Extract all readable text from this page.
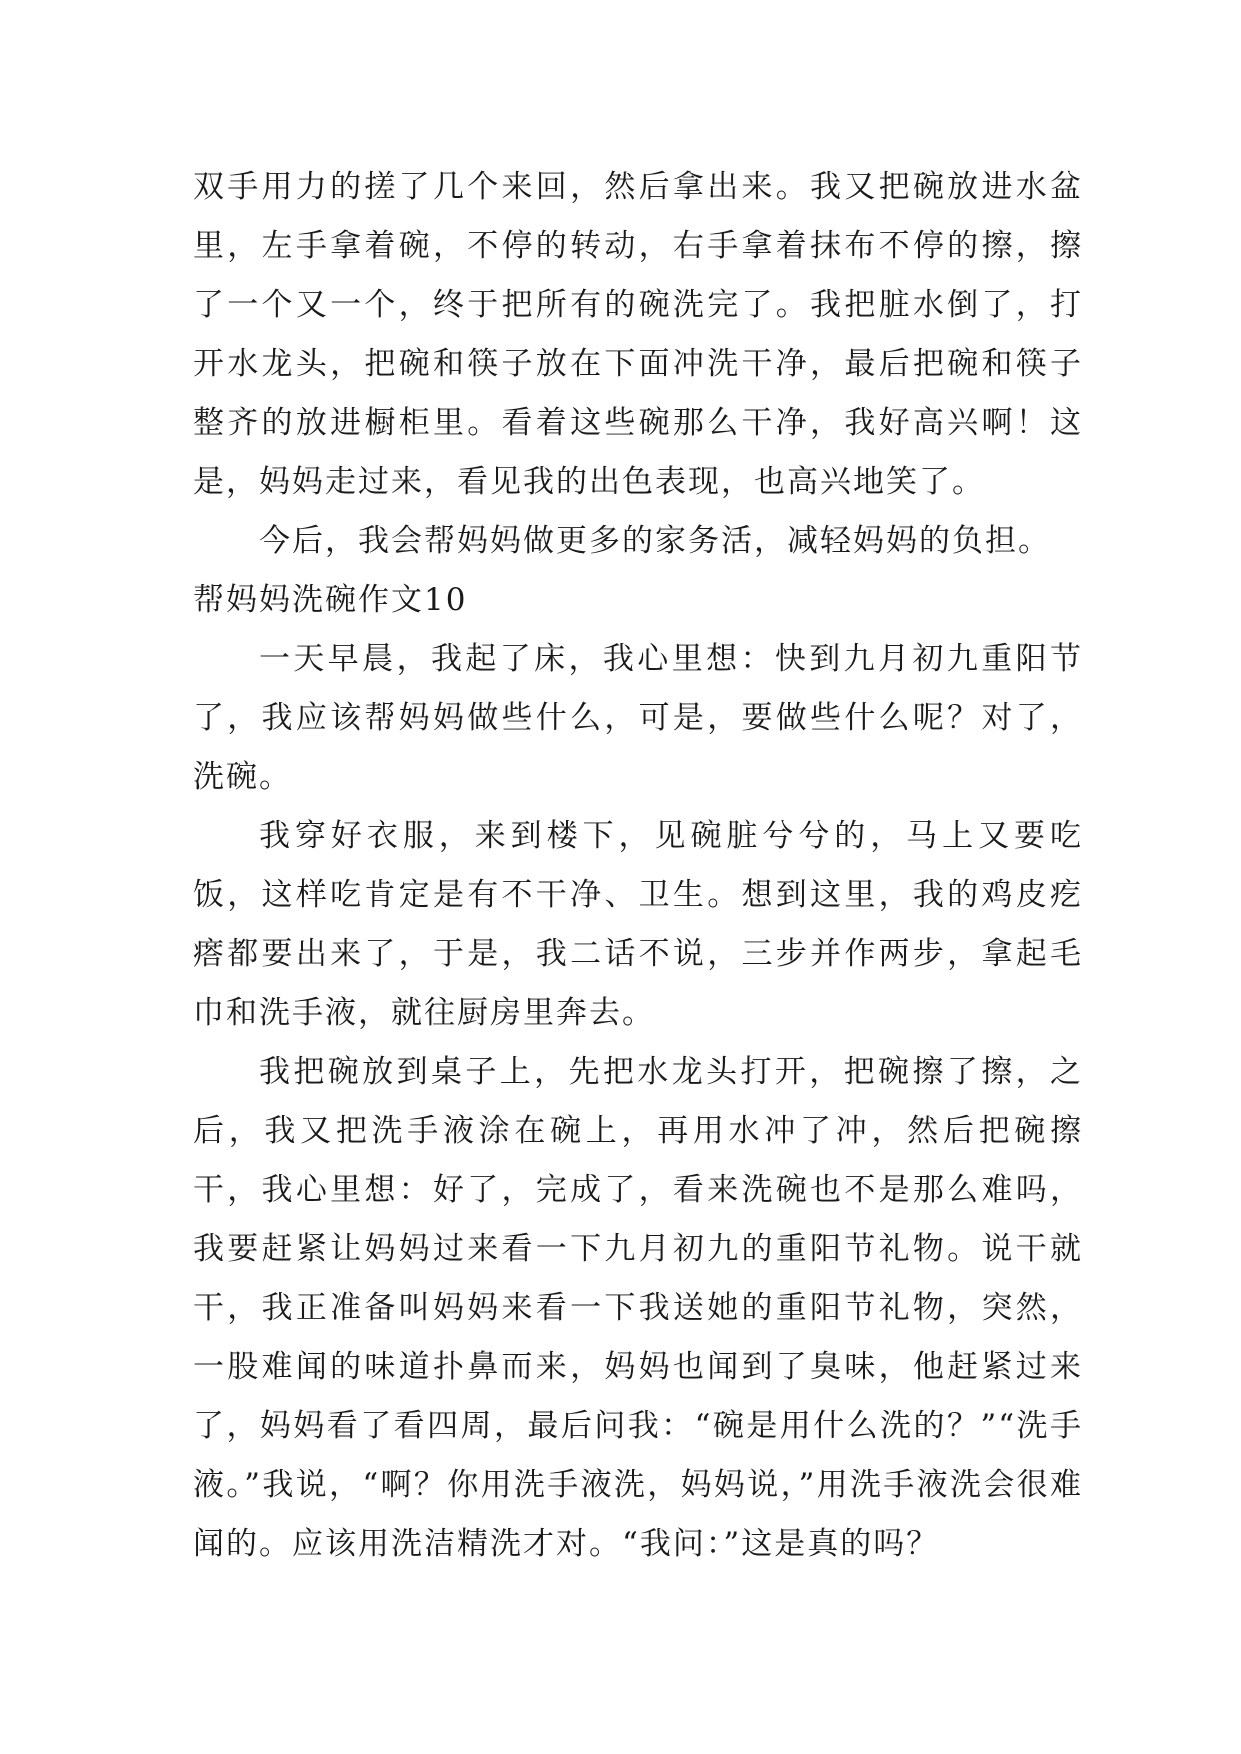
双手用力的搓了几个来回，然后拿出来。我又把碗放进水盆里，左手拿着碗，不停的转动，右手拿着抹布不停的擦，擦了一个又一个，终于把所有的碗洗完了。我把脏水倒了，打开水龙头，把碗和筷子放在下面冲洗干净，最后把碗和筷子整齐的放进橱柜里。看着这些碗那么干净，我好高兴啊！这是，妈妈走过来，看见我的出色表现，也高兴地笑了。

今后，我会帮妈妈做更多的家务活，减轻妈妈的负担。

帮妈妈洗碗作文10

一天早晨，我起了床，我心里想：快到九月初九重阳节了，我应该帮妈妈做些什么，可是，要做些什么呢？对了，洗碗。

我穿好衣服，来到楼下，见碗脏兮兮的，马上又要吃饭，这样吃肯定是有不干净、卫生。想到这里，我的鸡皮疙瘩都要出来了，于是，我二话不说，三步并作两步，拿起毛巾和洗手液，就往厨房里奔去。

我把碗放到桌子上，先把水龙头打开，把碗擦了擦，之后，我又把洗手液涂在碗上，再用水冲了冲，然后把碗擦干，我心里想：好了，完成了，看来洗碗也不是那么难吗，我要赶紧让妈妈过来看一下九月初九的重阳节礼物。说干就干，我正准备叫妈妈来看一下我送她的重阳节礼物，突然，一股难闻的味道扑鼻而来，妈妈也闻到了臭味，他赶紧过来了，妈妈看了看四周，最后问我：“碗是用什么洗的？”“洗手液。”我说，“啊？你用洗手液洗，妈妈说，”用洗手液洗会很难闻的。应该用洗洁精洗才对。“我问：”这是真的吗？
